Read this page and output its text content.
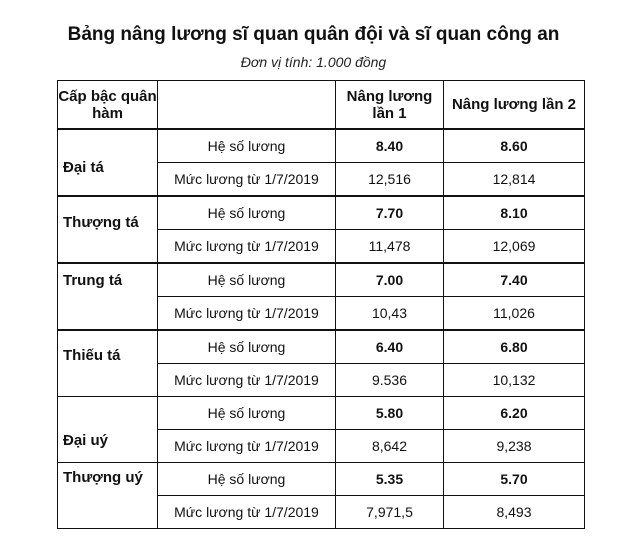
Bảng nâng lương sĩ quan quân đội và sĩ quan công an
Đơn vị tính: 1.000 đồng
Cấp bậc quân hàm		Nâng lương lần 1	Nâng lương lần 2
Đại tá	Hệ số lương	8.40	8.60
	Mức lương từ 1/7/2019	12,516	12,814
Thượng tá	Hệ số lương	7.70	8.10
	Mức lương từ 1/7/2019	11,478	12,069
Trung tá	Hệ số lương	7.00	7.40
	Mức lương từ 1/7/2019	10,43	11,026
Thiếu tá	Hệ số lương	6.40	6.80
	Mức lương từ 1/7/2019	9.536	10,132
Đại uý	Hệ số lương	5.80	6.20
	Mức lương từ 1/7/2019	8,642	9,238
Thượng uý	Hệ số lương	5.35	5.70
	Mức lương từ 1/7/2019	7,971,5	8,493
